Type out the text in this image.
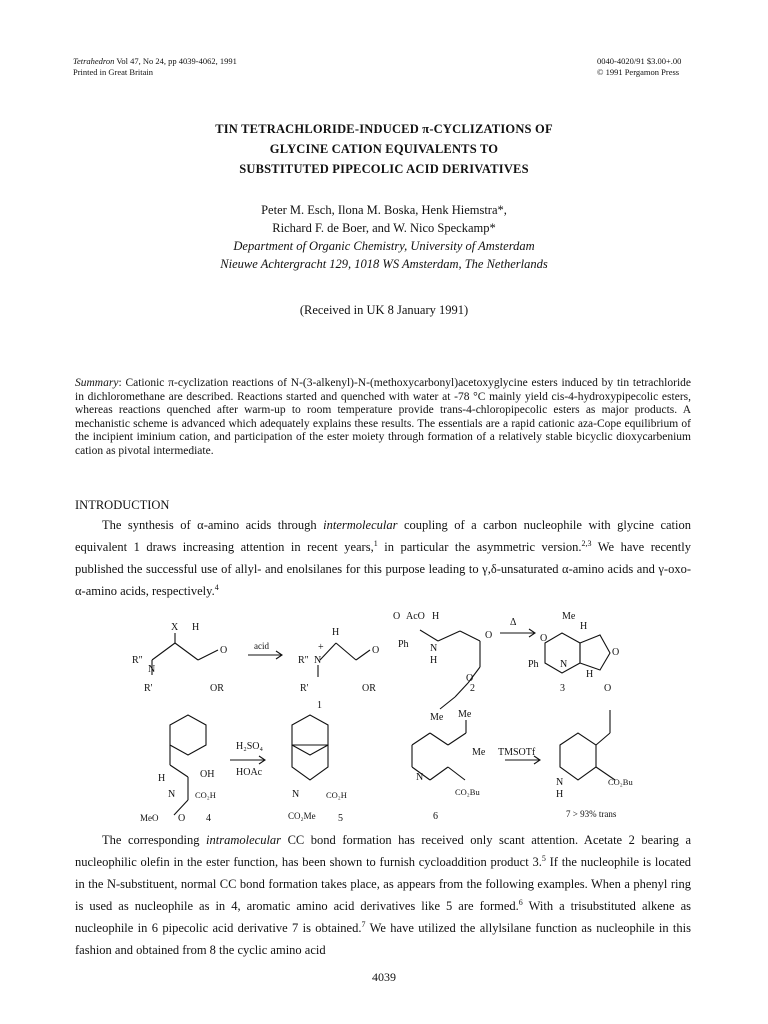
Tetrahedron Vol 47, No 24, pp 4039-4062, 1991
Printed in Great Britain
0040-4020/91 $3.00+.00
© 1991 Pergamon Press
TIN TETRACHLORIDE-INDUCED π-CYCLIZATIONS OF
GLYCINE CATION EQUIVALENTS TO
SUBSTITUTED PIPECOLIC ACID DERIVATIVES
Peter M. Esch, Ilona M. Boska, Henk Hiemstra*,
Richard F. de Boer, and W. Nico Speckamp*
Department of Organic Chemistry, University of Amsterdam
Nieuwe Achtergracht 129, 1018 WS Amsterdam, The Netherlands
(Received in UK 8 January 1991)
Summary: Cationic π-cyclization reactions of N-(3-alkenyl)-N-(methoxycarbonyl)acetoxyglycine esters induced by tin tetrachloride in dichloromethane are described. Reactions started and quenched with water at -78 °C mainly yield cis-4-hydroxypipecolic esters, whereas reactions quenched after warm-up to room temperature provide trans-4-chloropipecolic esters as major products. A mechanistic scheme is advanced which adequately explains these results. The essentials are a rapid cationic aza-Cope equilibrium of the incipient iminium cation, and participation of the ester moiety through formation of a relatively stable bicyclic dioxycarbenium cation as pivotal intermediate.
INTRODUCTION
The synthesis of α-amino acids through intermolecular coupling of a carbon nucleophile with glycine cation equivalent 1 draws increasing attention in recent years,$^1$ in particular the asymmetric version.$^{2,3}$ We have recently published the successful use of allyl- and enolsilanes for this purpose leading to γ,δ-unsaturated α-amino acids and γ-oxo-α-amino acids, respectively.$^4$
X H
R"
N
O
OR
R'
acid
H
R" N
+	O
OR
R'
1
O AcO H
Ph N
H
O
O
2
Me
Δ
Me
H
O
Ph N
H
O
O
3
H	OH
N CO₂H
MeO O 4
H₂SO₄
HOAc
N	CO₂H
CO₂Me 5
Me
Me
N
CO₂Bu
6
TMSOTf
N
H
CO₂Bu
7 > 93% trans
The corresponding intramolecular CC bond formation has received only scant attention. Acetate 2 bearing a nucleophilic olefin in the ester function, has been shown to furnish cycloaddition product 3.$^5$ If the nucleophile is located in the N-substituent, normal CC bond formation takes place, as appears from the following examples. When a phenyl ring is used as nucleophile as in 4, aromatic amino acid derivatives like 5 are formed.$^6$ With a trisubstituted alkene as nucleophile in 6 pipecolic acid derivative 7 is obtained.$^7$ We have utilized the allylsilane function as nucleophile in this fashion and obtained from 8 the cyclic amino acid
4039
